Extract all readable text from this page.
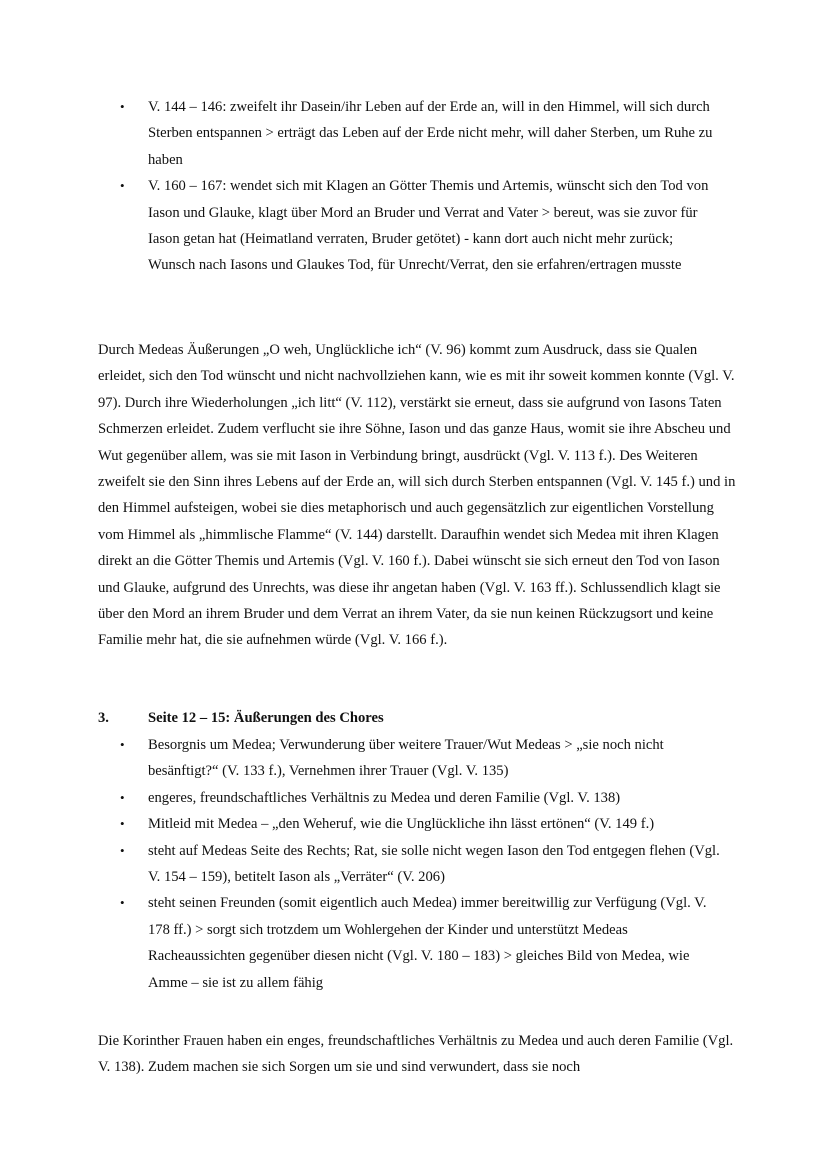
• V. 144 – 146: zweifelt ihr Dasein/ihr Leben auf der Erde an, will in den Himmel, will sich durch Sterben entspannen > erträgt das Leben auf der Erde nicht mehr, will daher Sterben, um Ruhe zu haben
• V. 160 – 167: wendet sich mit Klagen an Götter Themis und Artemis, wünscht sich den Tod von Iason und Glauke, klagt über Mord an Bruder und Verrat and Vater > bereut, was sie zuvor für Iason getan hat (Heimatland verraten, Bruder getötet) - kann dort auch nicht mehr zurück; Wunsch nach Iasons und Glaukes Tod, für Unrecht/Verrat, den sie erfahren/ertragen musste

Durch Medeas Äußerungen „O weh, Unglückliche ich“ (V. 96) kommt zum Ausdruck, dass sie Qualen erleidet, sich den Tod wünscht und nicht nachvollziehen kann, wie es mit ihr soweit kommen konnte (Vgl. V. 97). Durch ihre Wiederholungen „ich litt“ (V. 112), verstärkt sie erneut, dass sie aufgrund von Iasons Taten Schmerzen erleidet. Zudem verflucht sie ihre Söhne, Iason und das ganze Haus, womit sie ihre Abscheu und Wut gegenüber allem, was sie mit Iason in Verbindung bringt, ausdrückt (Vgl. V. 113 f.). Des Weiteren zweifelt sie den Sinn ihres Lebens auf der Erde an, will sich durch Sterben entspannen (Vgl. V. 145 f.) und in den Himmel aufsteigen, wobei sie dies metaphorisch und auch gegensätzlich zur eigentlichen Vorstellung vom Himmel als „himmlische Flamme“ (V. 144) darstellt. Daraufhin wendet sich Medea mit ihren Klagen direkt an die Götter Themis und Artemis (Vgl. V. 160 f.). Dabei wünscht sie sich erneut den Tod von Iason und Glauke, aufgrund des Unrechts, was diese ihr angetan haben (Vgl. V. 163 ff.). Schlussendlich klagt sie über den Mord an ihrem Bruder und dem Verrat an ihrem Vater, da sie nun keinen Rückzugsort und keine Familie mehr hat, die sie aufnehmen würde (Vgl. V. 166 f.).

3.	Seite 12 – 15: Äußerungen des Chores

• Besorgnis um Medea; Verwunderung über weitere Trauer/Wut Medeas > „sie noch nicht besänftigt?“ (V. 133 f.), Vernehmen ihrer Trauer (Vgl. V. 135)
• engeres, freundschaftliches Verhältnis zu Medea und deren Familie (Vgl. V. 138)
• Mitleid mit Medea – „den Weheruf, wie die Unglückliche ihn lässt ertönen“ (V. 149 f.)
• steht auf Medeas Seite des Rechts; Rat, sie solle nicht wegen Iason den Tod entgegen flehen (Vgl. V. 154 – 159), betitelt Iason als „Verräter“ (V. 206)
• steht seinen Freunden (somit eigentlich auch Medea) immer bereitwillig zur Verfügung (Vgl. V. 178 ff.) > sorgt sich trotzdem um Wohlergehen der Kinder und unterstützt Medeas Racheaussichten gegenüber diesen nicht (Vgl. V. 180 – 183) > gleiches Bild von Medea, wie Amme – sie ist zu allem fähig

Die Korinther Frauen haben ein enges, freundschaftliches Verhältnis zu Medea und auch deren Familie (Vgl. V. 138). Zudem machen sie sich Sorgen um sie und sind verwundert, dass sie noch
